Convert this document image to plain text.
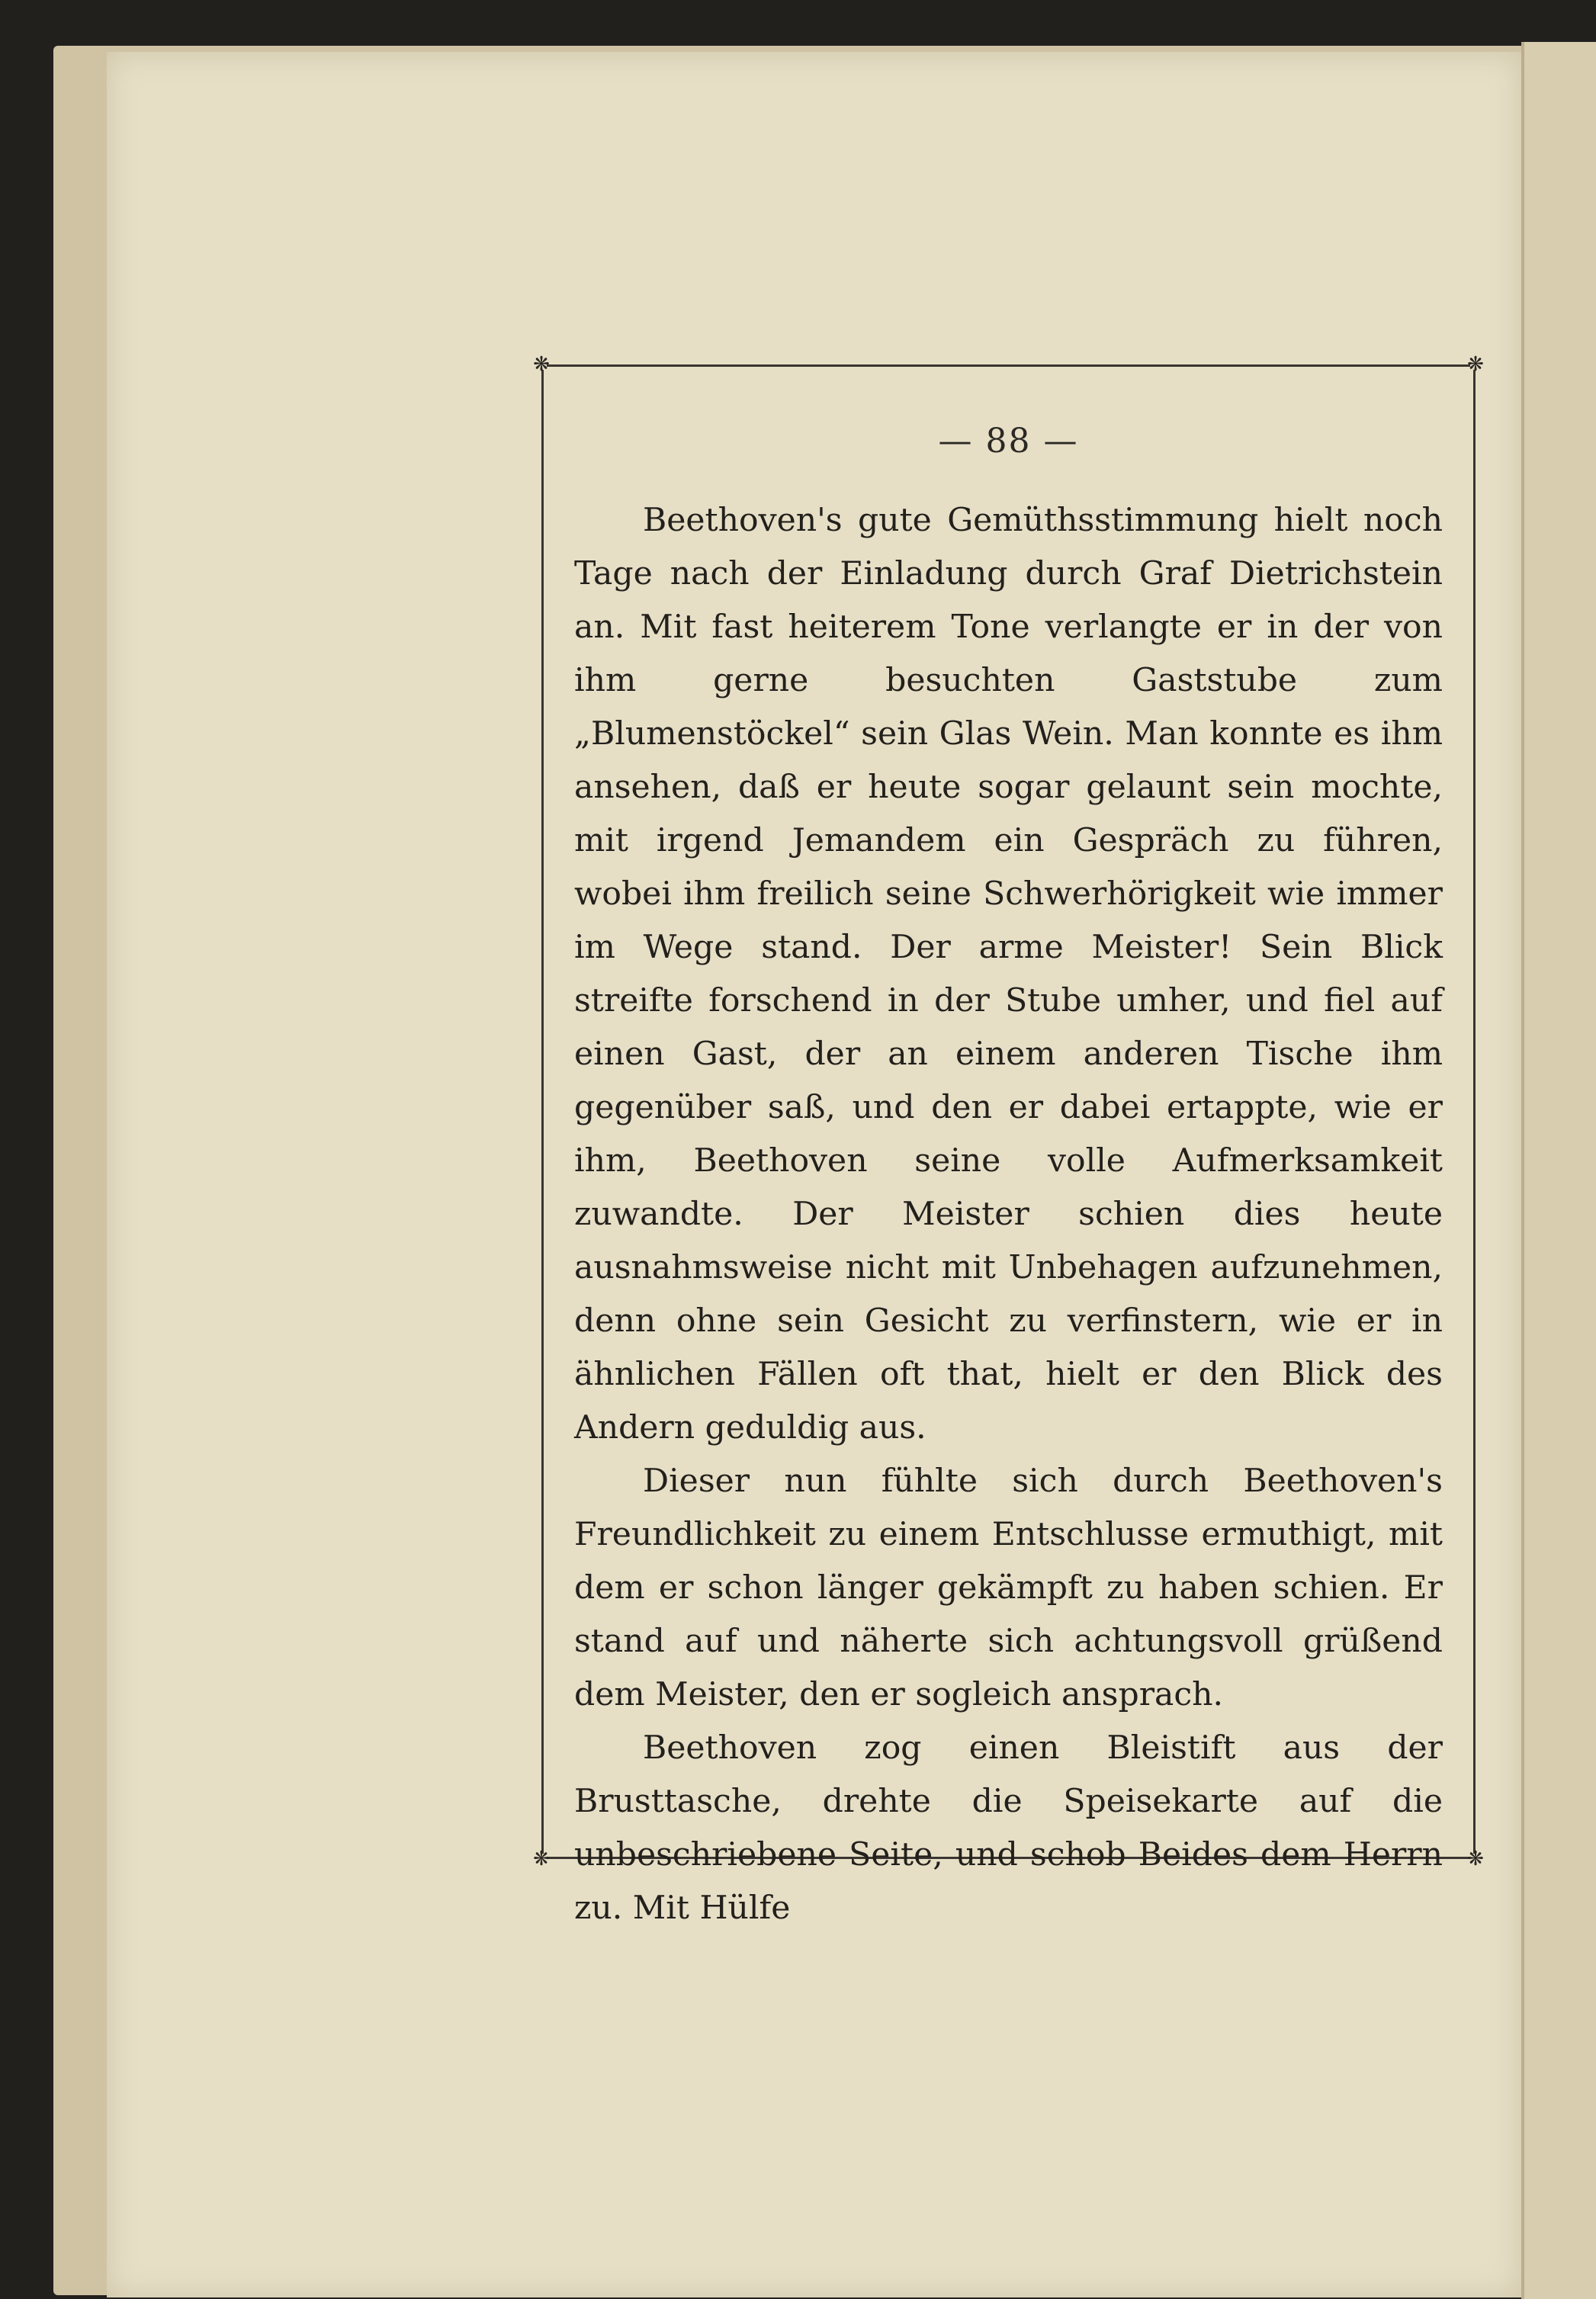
❋	❋
❋	❋
— 88 —

Beethoven's gute Gemüthsstimmung hielt noch Tage nach der Einladung durch Graf Dietrichstein an. Mit fast heiterem Tone verlangte er in der von ihm gerne besuchten Gaststube zum „Blumenstöckel“ sein Glas Wein. Man konnte es ihm ansehen, daß er heute sogar gelaunt sein mochte, mit irgend Jemandem ein Gespräch zu führen, wobei ihm freilich seine Schwerhörigkeit wie immer im Wege stand. Der arme Meister! Sein Blick streifte forschend in der Stube umher, und fiel auf einen Gast, der an einem anderen Tische ihm gegenüber saß, und den er dabei ertappte, wie er ihm, Beethoven seine volle Aufmerksamkeit zuwandte. Der Meister schien dies heute ausnahmsweise nicht mit Unbehagen aufzunehmen, denn ohne sein Gesicht zu verfinstern, wie er in ähnlichen Fällen oft that, hielt er den Blick des Andern geduldig aus.

Dieser nun fühlte sich durch Beethoven's Freundlichkeit zu einem Entschlusse ermuthigt, mit dem er schon länger gekämpft zu haben schien. Er stand auf und näherte sich achtungsvoll grüßend dem Meister, den er sogleich ansprach.

Beethoven zog einen Bleistift aus der Brusttasche, drehte die Speisekarte auf die unbeschriebene Seite, und schob Beides dem Herrn zu. Mit Hülfe
